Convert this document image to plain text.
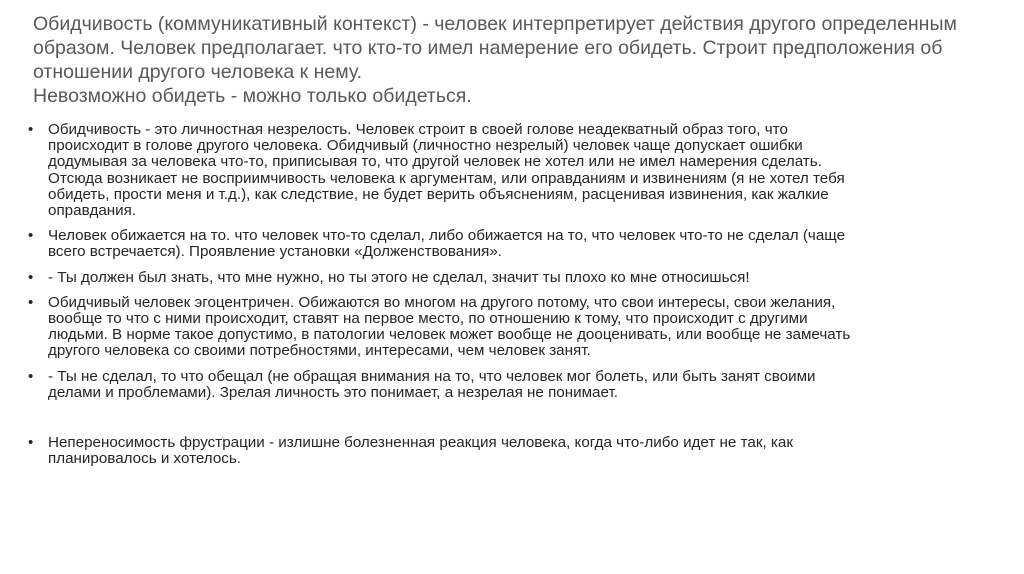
Обидчивость (коммуникативный контекст) - человек интерпретирует действия другого определенным
образом. Человек предполагает. что кто-то имел намерение его обидеть. Строит предположения об
отношении другого человека к нему.
Невозможно обидеть - можно только обидеться.
• Обидчивость - это личностная незрелость. Человек строит в своей голове неадекватный образ того, что
происходит в голове другого человека. Обидчивый (личностно незрелый) человек чаще допускает ошибки
додумывая за человека что-то, приписывая то, что другой человек не хотел или не имел намерения сделать.
Отсюда возникает не восприимчивость человека к аргументам, или оправданиям и извинениям (я не хотел тебя
обидеть, прости меня и т.д.), как следствие, не будет верить объяснениям, расценивая извинения, как жалкие
оправдания.
• Человек обижается на то. что человек что-то сделал, либо обижается на то, что человек что-то не сделал (чаще
всего встречается). Проявление установки «Долженствования».
• - Ты должен был знать, что мне нужно, но ты этого не сделал, значит ты плохо ко мне относишься!
• Обидчивый человек эгоцентричен. Обижаются во многом на другого потому, что свои интересы, свои желания,
вообще то что с ними происходит, ставят на первое место, по отношению к тому, что происходит с другими
людьми. В норме такое допустимо, в патологии человек может вообще не дооценивать, или вообще не замечать
другого человека со своими потребностями, интересами, чем человек занят.
• - Ты не сделал, то что обещал (не обращая внимания на то, что человек мог болеть, или быть занят своими
делами и проблемами). Зрелая личность это понимает, а незрелая не понимает.
• Непереносимость фрустрации - излишне болезненная реакция человека, когда что-либо идет не так, как
планировалось и хотелось.
